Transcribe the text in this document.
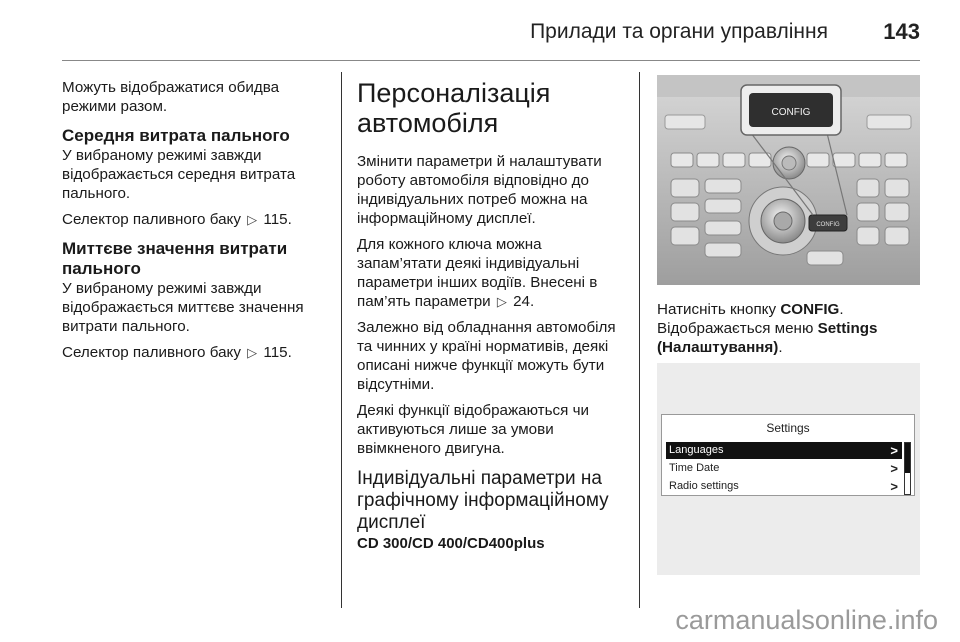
Прилади та органи управління	143

Можуть відображатися обидва режими разом.

Середня витрата пального

У вибраному режимі завжди відображається середня витрата пального.

Селектор паливного баку ▷ 115.

Миттєве значення витрати пального

У вибраному режимі завжди відображається миттєве значення витрати пального.

Селектор паливного баку ▷ 115.

Персоналізація автомобіля

Змінити параметри й налаштувати роботу автомобіля відповідно до індивідуальних потреб можна на інформаційному дисплеї.

Для кожного ключа можна запам’ятати деякі індивідуальні параметри інших водіїв. Внесені в пам’ять параметри ▷ 24.

Залежно від обладнання автомобіля та чинних у країні нормативів, деякі описані нижче функції можуть бути відсутніми.

Деякі функції відображаються чи активуються лише за умови ввімкненого двигуна.

Індивідуальні параметри на графічному інформаційному дисплеї

CD 300/CD 400/CD400plus

CONFIG
CONFIG

Натисніть кнопку CONFIG.
Відображається меню Settings (Налаштування).

Settings
Languages	>
Time Date	>
Radio settings	>
carmanualsonline.info
